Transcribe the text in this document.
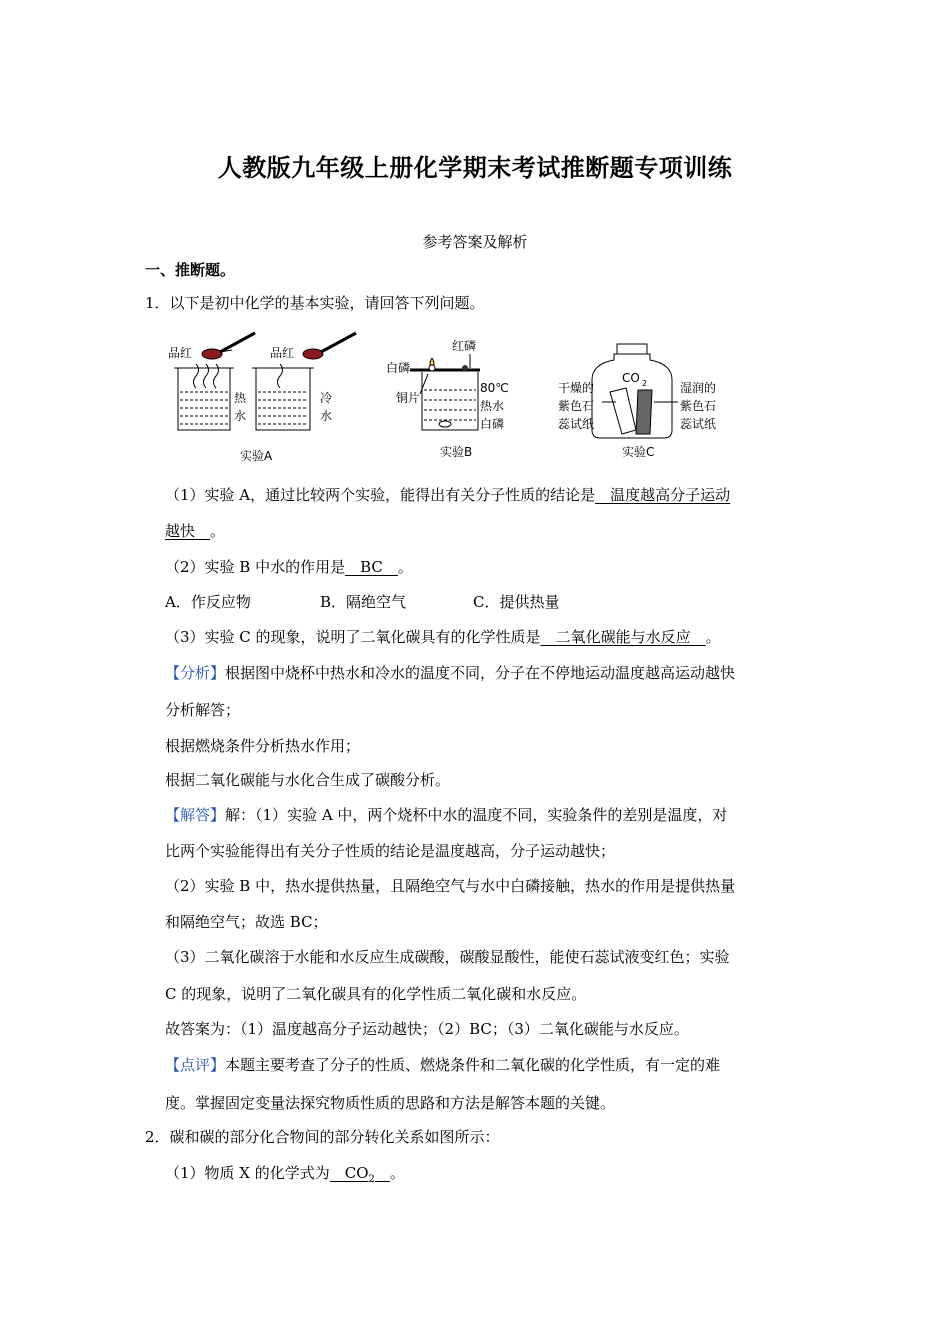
人教版九年级上册化学期末考试推断题专项训练
参考答案及解析
一、推断题。
1．以下是初中化学的基本实验，请回答下列问题。
品红
热
水
品红
冷
水
实验A
红磷
白磷
铜片
80℃
热水
白磷
实验B
CO 2
干燥的
紫色石
蕊试纸
湿润的
紫色石
蕊试纸
实验C
（1）实验 A，通过比较两个实验，能得出有关分子性质的结论是__温度越高分子运动
越快__。
（2）实验 B 中水的作用是__BC__。
A．作反应物	B．隔绝空气	C．提供热量
（3）实验 C 的现象，说明了二氧化碳具有的化学性质是__二氧化碳能与水反应__。
【分析】根据图中烧杯中热水和冷水的温度不同，分子在不停地运动温度越高运动越快
分析解答；
根据燃烧条件分析热水作用；
根据二氧化碳能与水化合生成了碳酸分析。
【解答】解：（1）实验 A 中，两个烧杯中水的温度不同，实验条件的差别是温度，对
比两个实验能得出有关分子性质的结论是温度越高，分子运动越快；
（2）实验 B 中，热水提供热量，且隔绝空气与水中白磷接触，热水的作用是提供热量
和隔绝空气；故选 BC；
（3）二氧化碳溶于水能和水反应生成碳酸，碳酸显酸性，能使石蕊试液变红色；实验
C 的现象，说明了二氧化碳具有的化学性质二氧化碳和水反应。
故答案为：（1）温度越高分子运动越快；（2）BC；（3）二氧化碳能与水反应。
【点评】本题主要考查了分子的性质、燃烧条件和二氧化碳的化学性质，有一定的难
度。掌握固定变量法探究物质性质的思路和方法是解答本题的关键。
2．碳和碳的部分化合物间的部分转化关系如图所示：
（1）物质 X 的化学式为$\_\_CO_2\_\_$。
